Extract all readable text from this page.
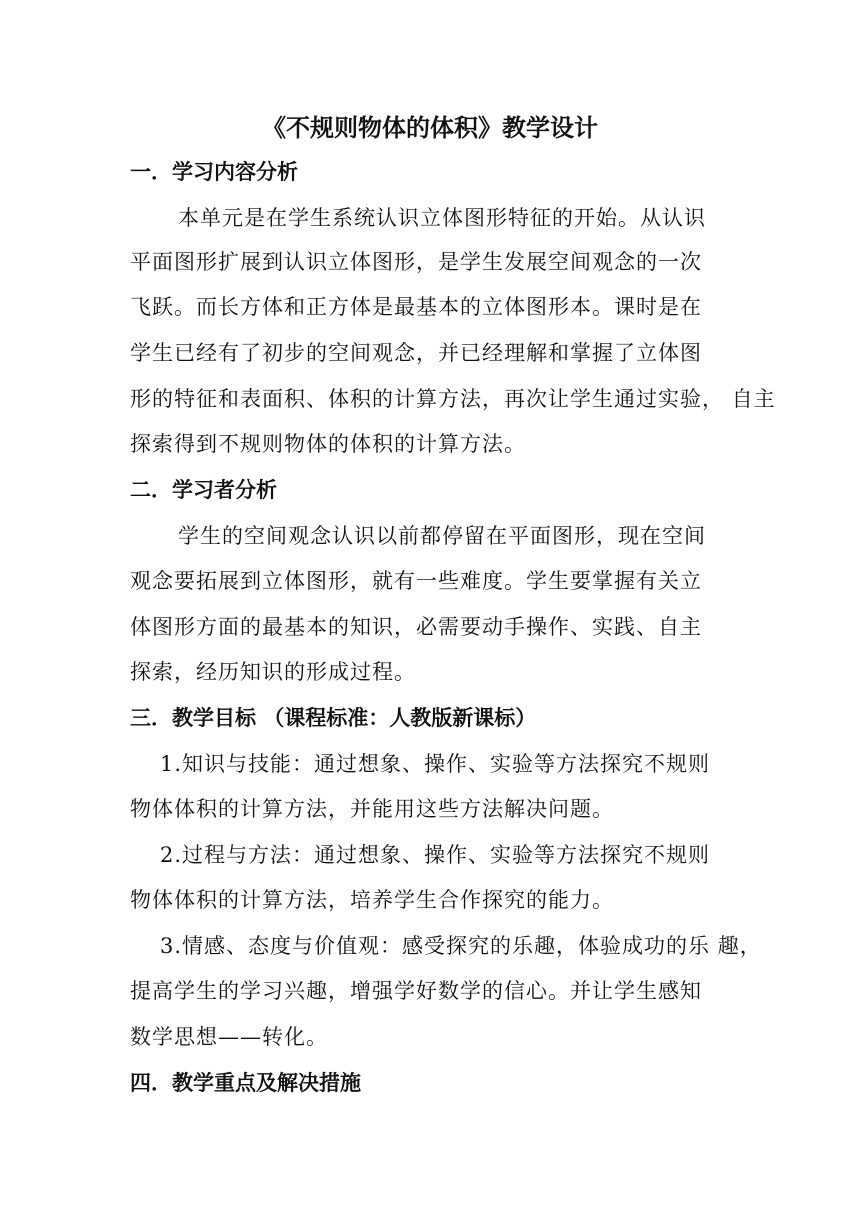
《不规则物体的体积》教学设计
一．学习内容分析
本单元是在学生系统认识立体图形特征的开始。从认识
平面图形扩展到认识立体图形，是学生发展空间观念的一次
飞跃。而长方体和正方体是最基本的立体图形本。课时是在
学生已经有了初步的空间观念，并已经理解和掌握了立体图
形的特征和表面积、体积的计算方法，再次让学生通过实验， 自主
探索得到不规则物体的体积的计算方法。
二．学习者分析
学生的空间观念认识以前都停留在平面图形，现在空间
观念要拓展到立体图形，就有一些难度。学生要掌握有关立
体图形方面的最基本的知识，必需要动手操作、实践、自主
探索，经历知识的形成过程。
三．教学目标 （课程标准：人教版新课标）
1.知识与技能：通过想象、操作、实验等方法探究不规则
物体体积的计算方法，并能用这些方法解决问题。
2.过程与方法：通过想象、操作、实验等方法探究不规则
物体体积的计算方法，培养学生合作探究的能力。
3.情感、态度与价值观：感受探究的乐趣，体验成功的乐 趣，
提高学生的学习兴趣，增强学好数学的信心。并让学生感知
数学思想——转化。
四．教学重点及解决措施
